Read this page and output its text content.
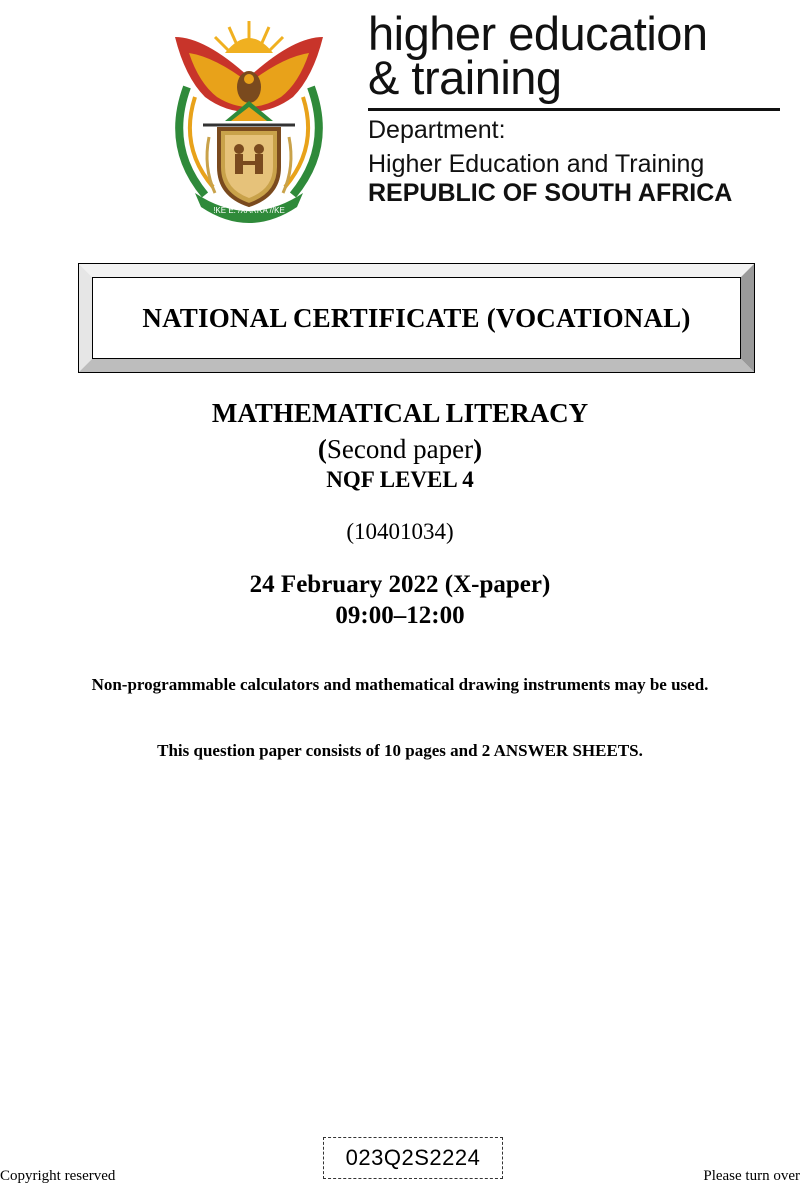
!KE E: /XARRA //KE
higher education
& training
Department:
Higher Education and Training
REPUBLIC OF SOUTH AFRICA
NATIONAL CERTIFICATE (VOCATIONAL)
MATHEMATICAL LITERACY
(Second paper)
NQF LEVEL 4
(10401034)
24 February 2022 (X-paper)
09:00–12:00
Non-programmable calculators and mathematical drawing instruments may be used.
This question paper consists of 10 pages and 2 ANSWER SHEETS.
Copyright reserved
023Q2S2224
Please turn over
